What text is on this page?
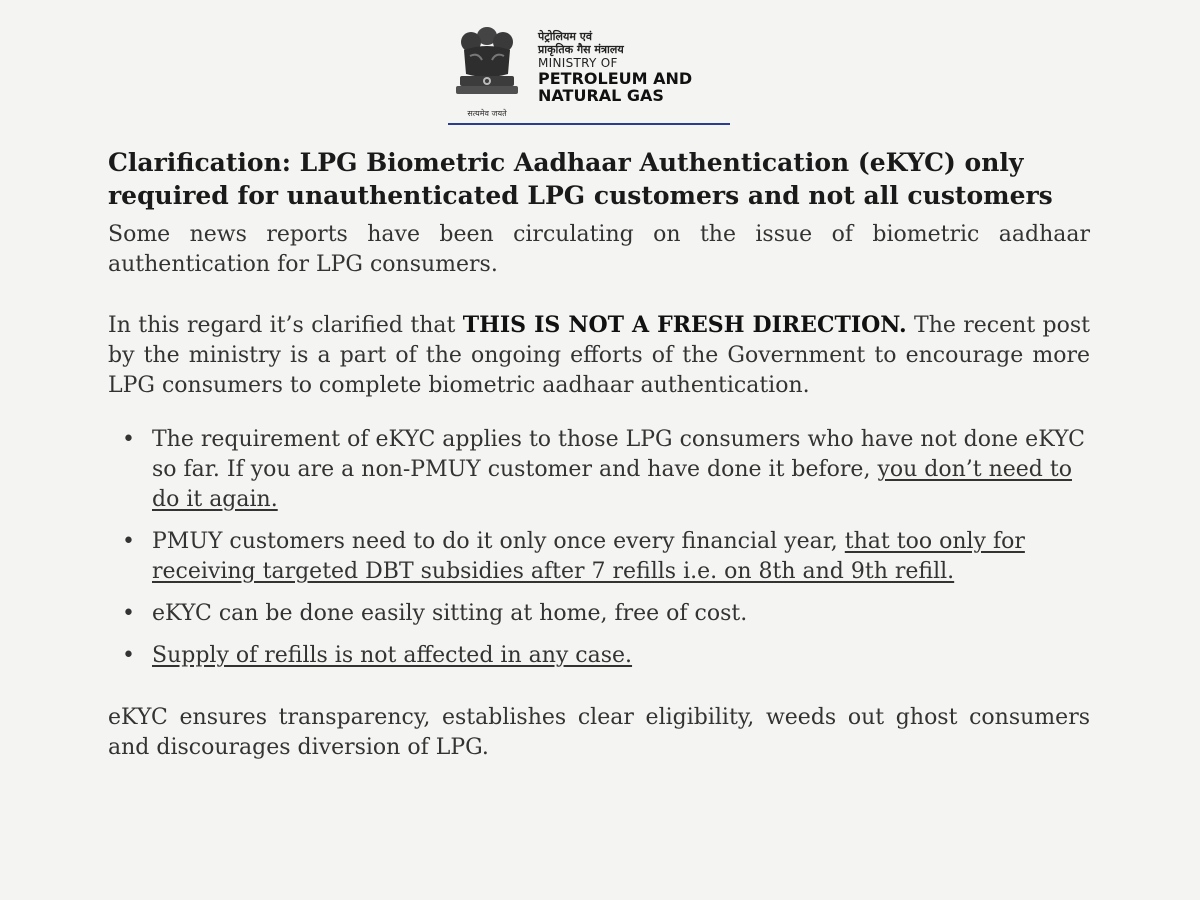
पेट्रोलियम एवं
प्राकृतिक गैस मंत्रालय
MINISTRY OF
PETROLEUM AND
NATURAL GAS
सत्यमेव जयते
Clarification: LPG Biometric Aadhaar Authentication (eKYC) only required for unauthenticated LPG customers and not all customers
Some news reports have been circulating on the issue of biometric aadhaar authentication for LPG consumers.
In this regard it’s clarified that THIS IS NOT A FRESH DIRECTION. The recent post by the ministry is a part of the ongoing efforts of the Government to encourage more LPG consumers to complete biometric aadhaar authentication.
• The requirement of eKYC applies to those LPG consumers who have not done eKYC so far. If you are a non-PMUY customer and have done it before, you don’t need to do it again.
• PMUY customers need to do it only once every financial year, that too only for receiving targeted DBT subsidies after 7 refills i.e. on 8th and 9th refill.
• eKYC can be done easily sitting at home, free of cost.
• Supply of refills is not affected in any case.
eKYC ensures transparency, establishes clear eligibility, weeds out ghost consumers and discourages diversion of LPG.
